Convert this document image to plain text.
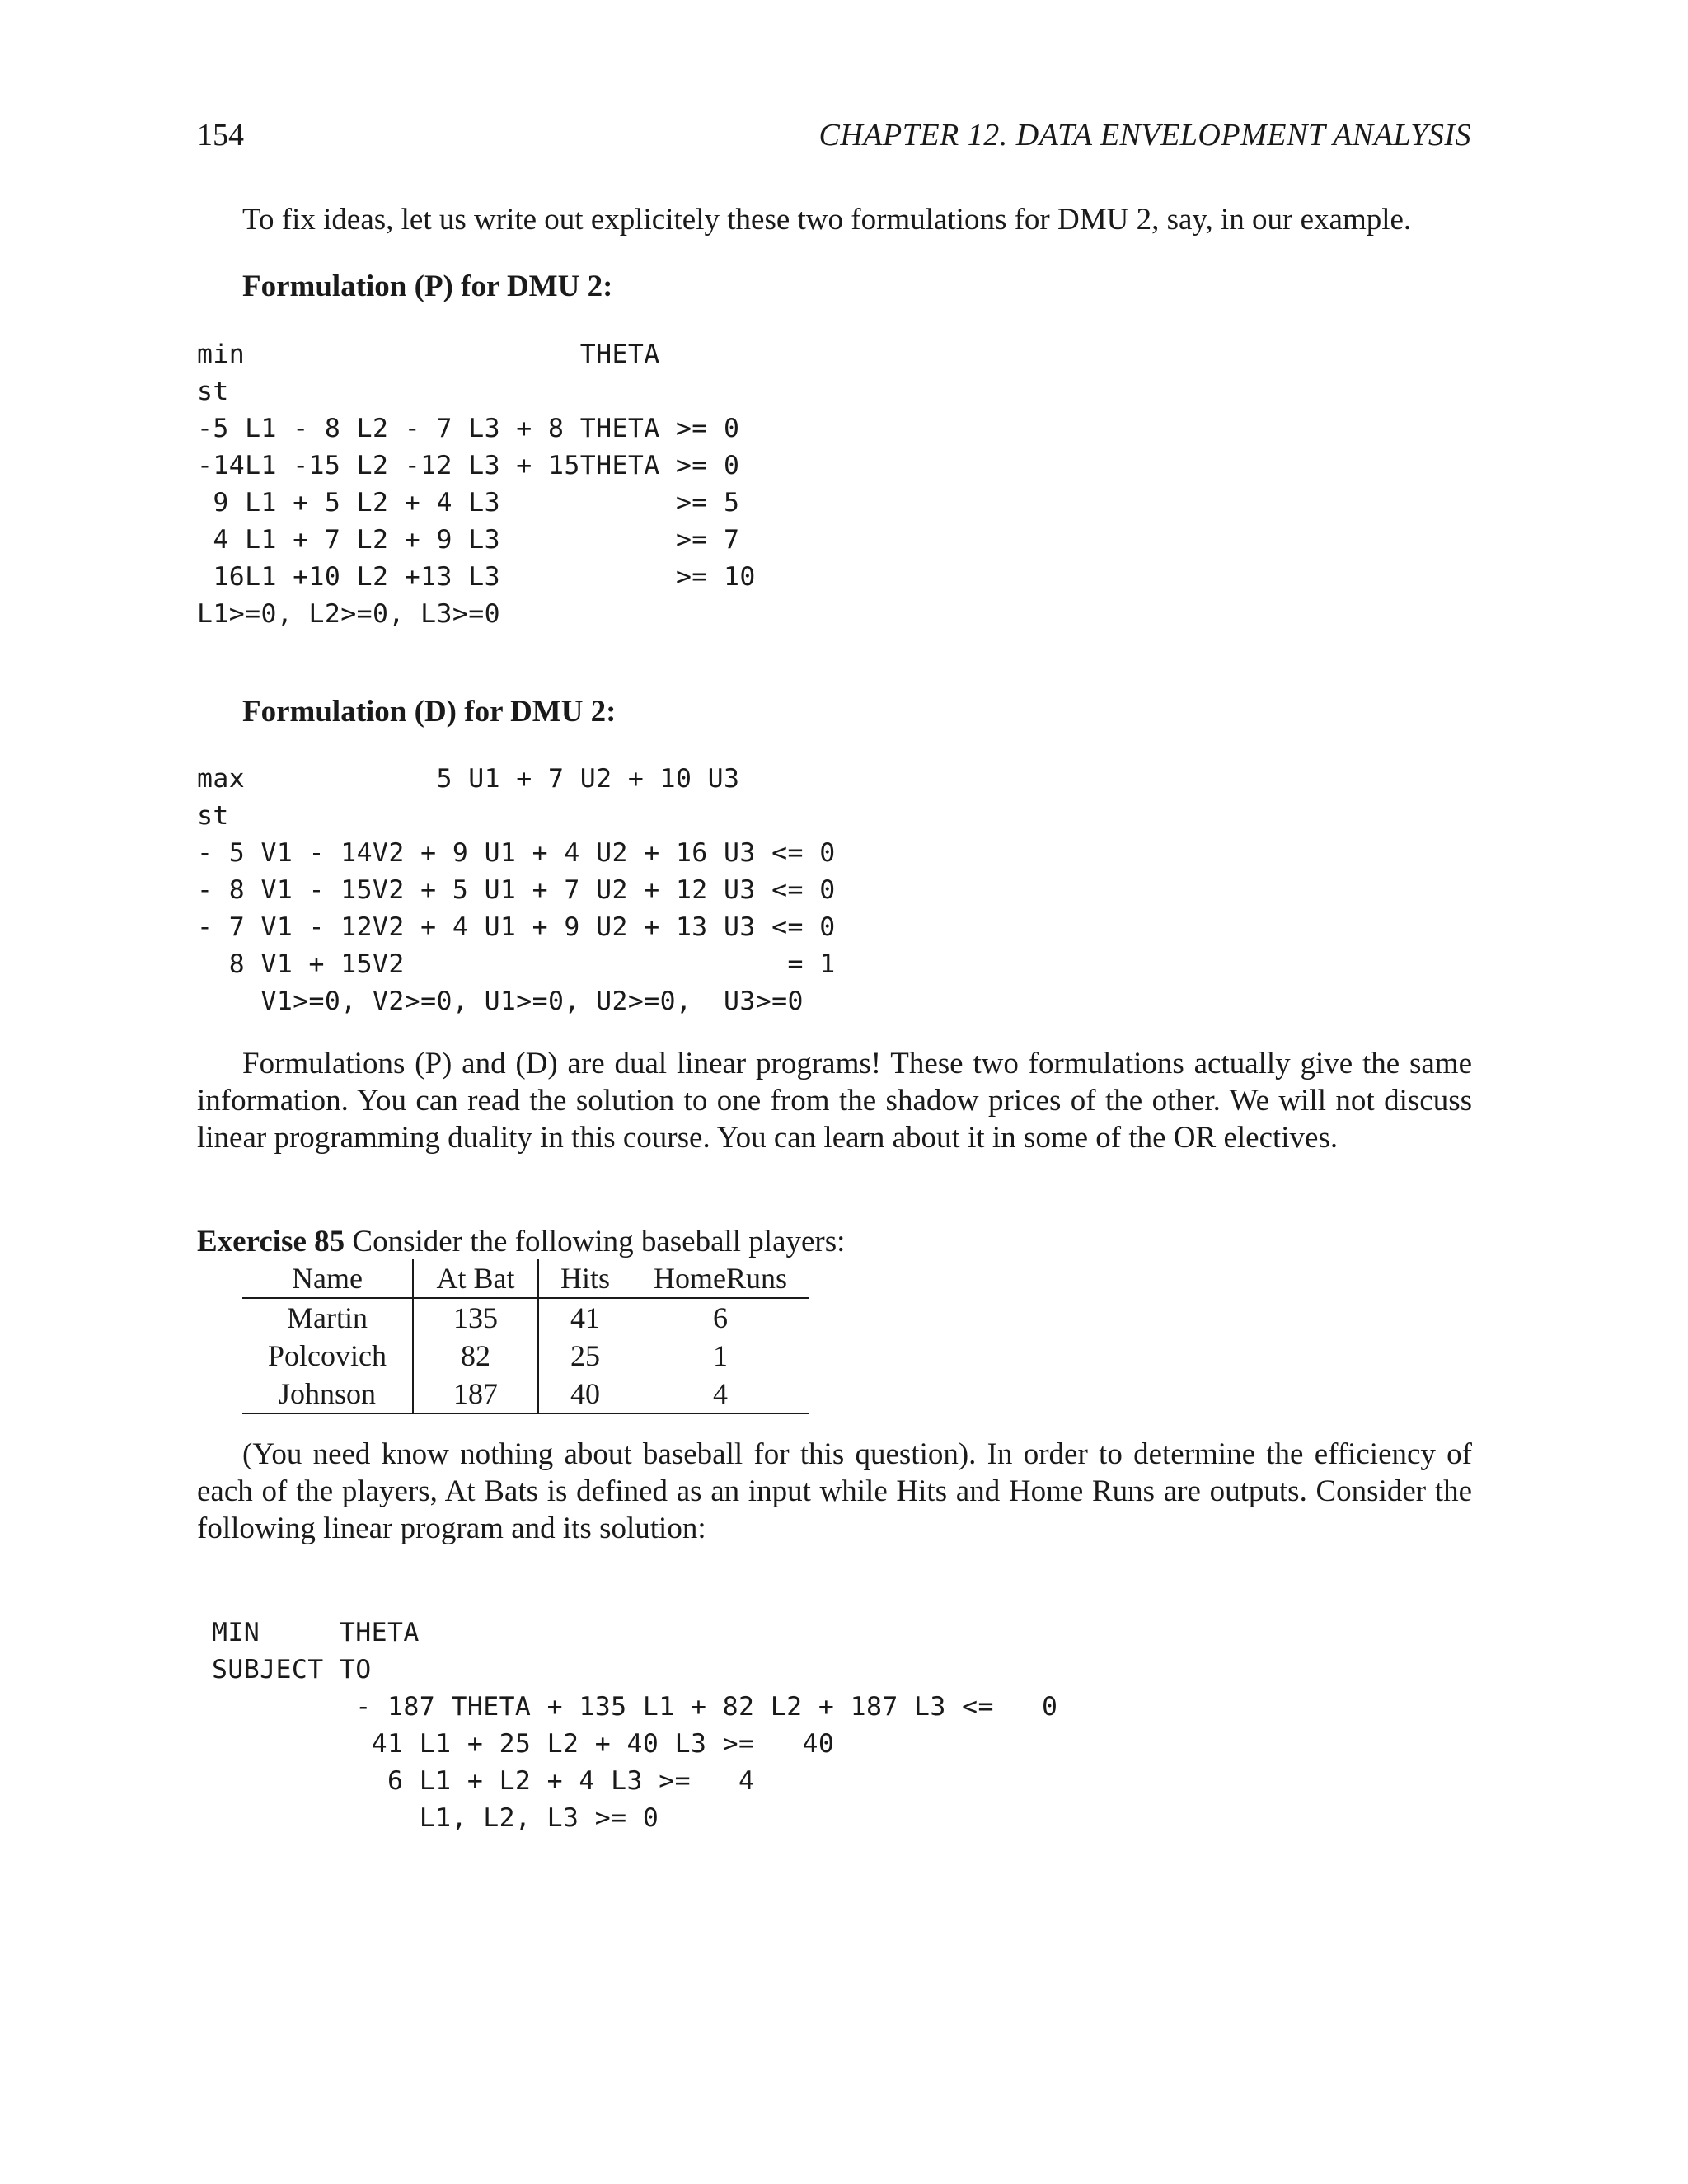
154	CHAPTER 12. DATA ENVELOPMENT ANALYSIS

To fix ideas, let us write out explicitely these two formulations for DMU 2, say, in our example.

Formulation (P) for DMU 2:
min                     THETA
st
-5 L1 - 8 L2 - 7 L3 + 8 THETA >= 0
-14L1 -15 L2 -12 L3 + 15THETA >= 0
9 L1 + 5 L2 + 4 L3           >= 5
4 L1 + 7 L2 + 9 L3           >= 7
16L1 +10 L2 +13 L3           >= 10
L1>=0, L2>=0, L3>=0
Formulation (D) for DMU 2:
max            5 U1 + 7 U2 + 10 U3
st
- 5 V1 - 14V2 + 9 U1 + 4 U2 + 16 U3 <= 0
- 8 V1 - 15V2 + 5 U1 + 7 U2 + 12 U3 <= 0
- 7 V1 - 12V2 + 4 U1 + 9 U2 + 13 U3 <= 0
8 V1 + 15V2                        = 1
V1>=0, V2>=0, U1>=0, U2>=0,  U3>=0

Formulations (P) and (D) are dual linear programs! These two formulations actually give the same information. You can read the solution to one from the shadow prices of the other. We will not discuss linear programming duality in this course. You can learn about it in some of the OR electives.

Exercise 85 Consider the following baseball players:
Name	At Bat	Hits	HomeRuns
Martin	135	41	6
Polcovich	82	25	1
Johnson	187	40	4

(You need know nothing about baseball for this question). In order to determine the efficiency of each of the players, At Bats is defined as an input while Hits and Home Runs are outputs. Consider the following linear program and its solution:

MIN     THETA
SUBJECT TO
- 187 THETA + 135 L1 + 82 L2 + 187 L3 <=   0
41 L1 + 25 L2 + 40 L3 >=   40
6 L1 + L2 + 4 L3 >=   4
L1, L2, L3 >= 0
